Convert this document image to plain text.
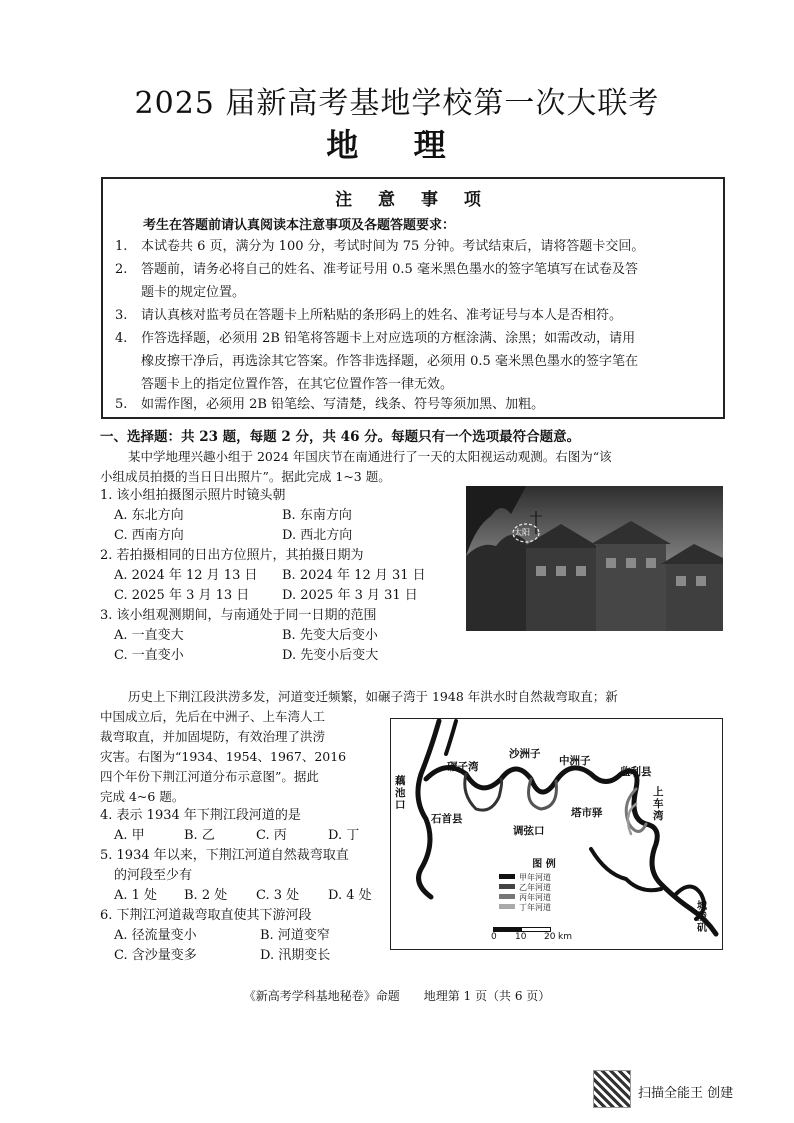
2025 届新高考基地学校第一次大联考
地 理
注 意 事 项
考生在答题前请认真阅读本注意事项及各题答题要求：
1. 本试卷共 6 页，满分为 100 分，考试时间为 75 分钟。考试结束后，请将答题卡交回。
2. 答题前，请务必将自己的姓名、准考证号用 0.5 毫米黑色墨水的签字笔填写在试卷及答
题卡的规定位置。
3. 请认真核对监考员在答题卡上所粘贴的条形码上的姓名、准考证号与本人是否相符。
4. 作答选择题，必须用 2B 铅笔将答题卡上对应选项的方框涂满、涂黑；如需改动，请用
橡皮擦干净后，再选涂其它答案。作答非选择题，必须用 0.5 毫米黑色墨水的签字笔在
答题卡上的指定位置作答，在其它位置作答一律无效。
5. 如需作图，必须用 2B 铅笔绘、写清楚，线条、符号等须加黑、加粗。
一、选择题：共 23 题，每题 2 分，共 46 分。每题只有一个选项最符合题意。
某中学地理兴趣小组于 2024 年国庆节在南通进行了一天的太阳视运动观测。右图为“该
小组成员拍摄的当日日出照片”。据此完成 1~3 题。
太阳
1. 该小组拍摄图示照片时镜头朝
A. 东北方向	B. 东南方向
C. 西南方向	D. 西北方向
2. 若拍摄相同的日出方位照片，其拍摄日期为
A. 2024 年 12 月 13 日 B. 2024 年 12 月 31 日
C. 2025 年 3 月 13 日	D. 2025 年 3 月 31 日
3. 该小组观测期间，与南通处于同一日期的范围
A. 一直变大	B. 先变大后变小
C. 一直变小	D. 先变小后变大
历史上下荆江段洪涝多发，河道变迁频繁，如碾子湾于 1948 年洪水时自然裁弯取直；新
中国成立后，先后在中洲子、上车湾人工
裁弯取直，并加固堤防，有效治理了洪涝
灾害。右图为“1934、1954、1967、2016
四个年份下荆江河道分布示意图”。据此
完成 4~6 题。
4. 表示 1934 年下荆江段河道的是
A. 甲	B. 乙	C. 丙	D. 丁
5. 1934 年以来，下荆江河道自然裁弯取直
的河段至少有
A. 1 处 B. 2 处 C. 3 处 D. 4 处
6. 下荆江河道裁弯取直使其下游河段
A. 径流量变小	B. 河道变窄
C. 含沙量变多	D. 汛期变长
藕池口
碾子湾
沙洲子
中洲子
监利县
上车湾
石首县
调弦口
塔市驿
城陵矶
图 例
甲年河道
乙年河道
丙年河道
丁年河道
0 10 20 km
《新高考学科基地秘卷》命题　　地理第 1 页（共 6 页）
扫描全能王 创建
